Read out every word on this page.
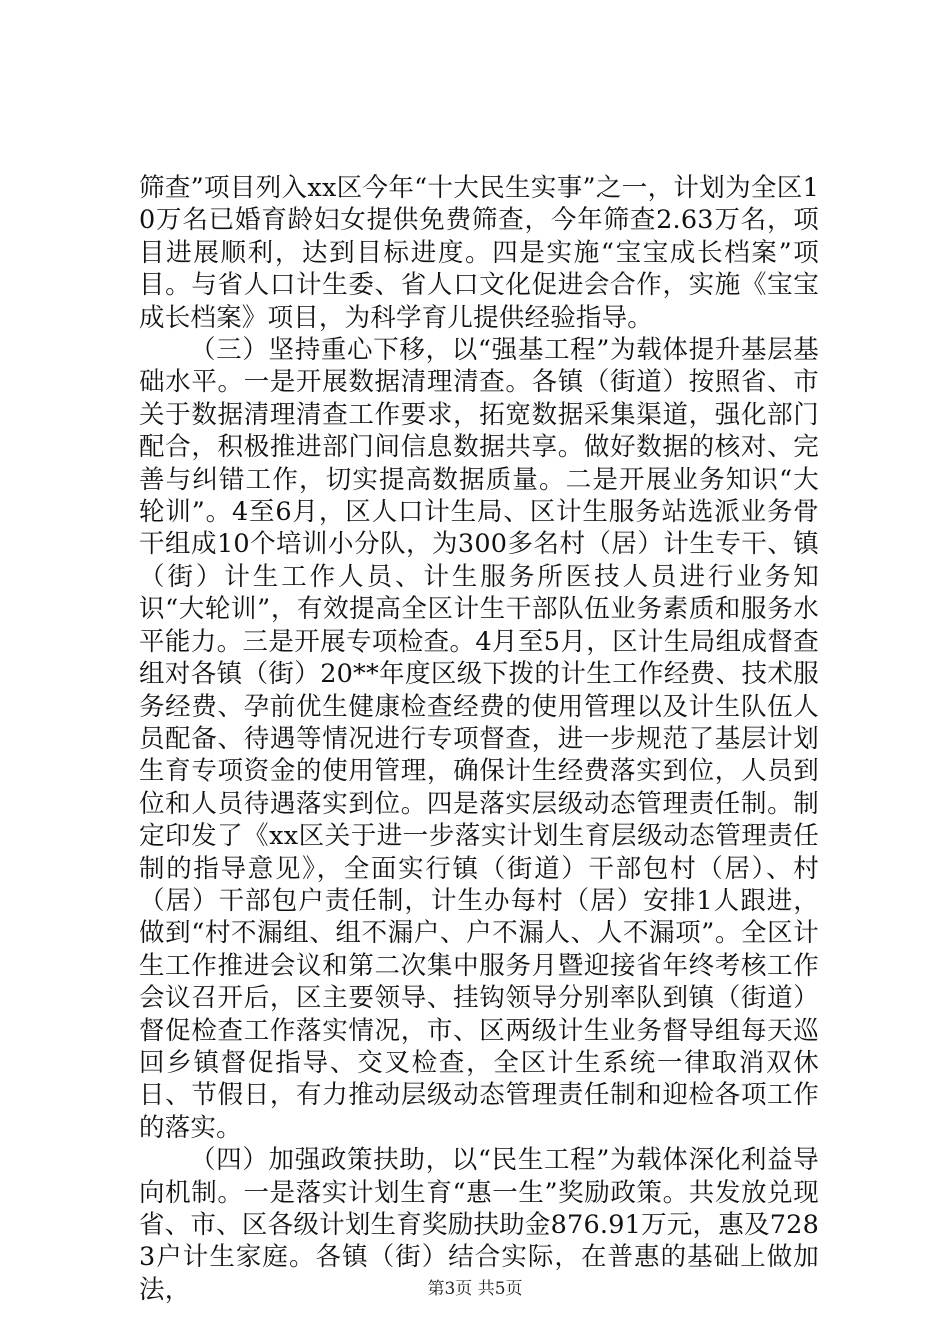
筛查”项目列入xx区今年“十大民生实事”之一，计划为全区10万名已婚育龄妇女提供免费筛查，今年筛查2.63万名，项目进展顺利，达到目标进度。四是实施“宝宝成长档案”项目。与省人口计生委、省人口文化促进会合作，实施《宝宝成长档案》项目，为科学育儿提供经验指导。

（三）坚持重心下移，以“强基工程”为载体提升基层基础水平。一是开展数据清理清查。各镇（街道）按照省、市关于数据清理清查工作要求，拓宽数据采集渠道，强化部门配合，积极推进部门间信息数据共享。做好数据的核对、完善与纠错工作，切实提高数据质量。二是开展业务知识“大轮训”。4至6月，区人口计生局、区计生服务站选派业务骨干组成10个培训小分队，为300多名村（居）计生专干、镇（街）计生工作人员、计生服务所医技人员进行业务知识“大轮训”，有效提高全区计生干部队伍业务素质和服务水平能力。三是开展专项检查。4月至5月，区计生局组成督查组对各镇（街）20**年度区级下拨的计生工作经费、技术服务经费、孕前优生健康检查经费的使用管理以及计生队伍人员配备、待遇等情况进行专项督查，进一步规范了基层计划生育专项资金的使用管理，确保计生经费落实到位，人员到位和人员待遇落实到位。四是落实层级动态管理责任制。制定印发了《xx区关于进一步落实计划生育层级动态管理责任制的指导意见》，全面实行镇（街道）干部包村（居）、村（居）干部包户责任制，计生办每村（居）安排1人跟进，做到“村不漏组、组不漏户、户不漏人、人不漏项”。全区计生工作推进会议和第二次集中服务月暨迎接省年终考核工作会议召开后，区主要领导、挂钩领导分别率队到镇（街道）督促检查工作落实情况，市、区两级计生业务督导组每天巡回乡镇督促指导、交叉检查，全区计生系统一律取消双休日、节假日，有力推动层级动态管理责任制和迎检各项工作的落实。

（四）加强政策扶助，以“民生工程”为载体深化利益导向机制。一是落实计划生育“惠一生”奖励政策。共发放兑现省、市、区各级计划生育奖励扶助金876.91万元，惠及7283户计生家庭。各镇（街）结合实际，在普惠的基础上做加法，	第3页 共5页
